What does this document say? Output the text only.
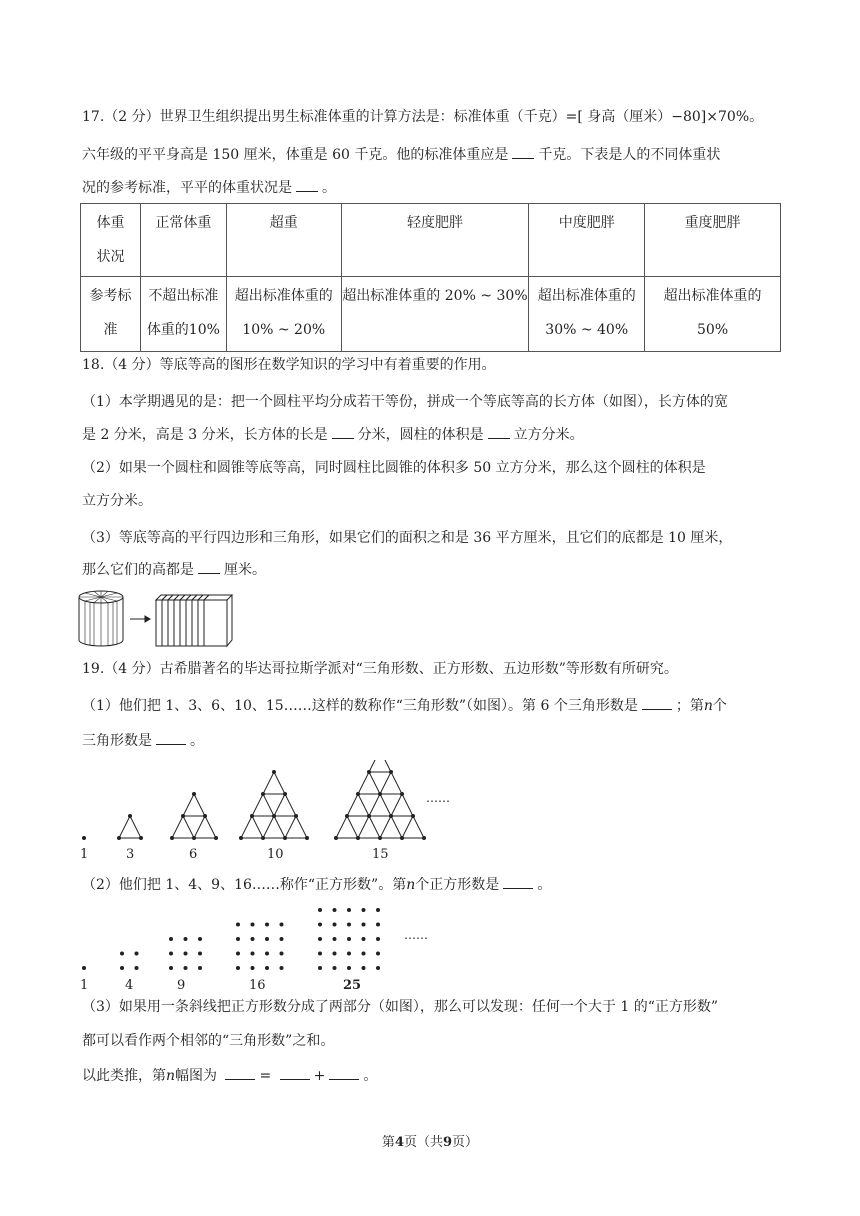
17.（2 分）世界卫生组织提出男生标准体重的计算方法是：标准体重（千克）=[ 身高（厘米）−80]×70%。
六年级的平平身高是 150 厘米，体重是 60 千克。他的标准体重应是 千克。下表是人的不同体重状
况的参考标准，平平的体重状况是 。
体重状况	正常体重	超重	轻度肥胖	中度肥胖	重度肥胖
参考标准	不超出标准体重的10%	超出标准体重的10% ~ 20%	超出标准体重的 20% ~ 30%	超出标准体重的30% ~ 40%	超出标准体重的50%
18.（4 分）等底等高的图形在数学知识的学习中有着重要的作用。
（1）本学期遇见的是：把一个圆柱平均分成若干等份，拼成一个等底等高的长方体（如图），长方体的宽
是 2 分米，高是 3 分米，长方体的长是 分米，圆柱的体积是 立方分米。
（2）如果一个圆柱和圆锥等底等高，同时圆柱比圆锥的体积多 50 立方分米，那么这个圆柱的体积是
立方分米。
（3）等底等高的平行四边形和三角形，如果它们的面积之和是 36 平方厘米，且它们的底都是 10 厘米，
那么它们的高都是 厘米。
19.（4 分）古希腊著名的毕达哥拉斯学派对“三角形数、正方形数、五边形数”等形数有所研究。
（1）他们把 1、3、6、10、15……这样的数称作“三角形数”（如图）。第 6 个三角形数是	；第n个
三角形数是	。
……
1	3	6	10	15
（2）他们把 1、4、9、16……称作“正方形数”。第n个正方形数是	。
……
1	4	9	16	25
（3）如果用一条斜线把正方形数分成了两部分（如图），那么可以发现：任何一个大于 1 的“正方形数”
都可以看作两个相邻的“三角形数”之和。
以此类推，第n幅图为	=	+	。
第4页（共9页）
